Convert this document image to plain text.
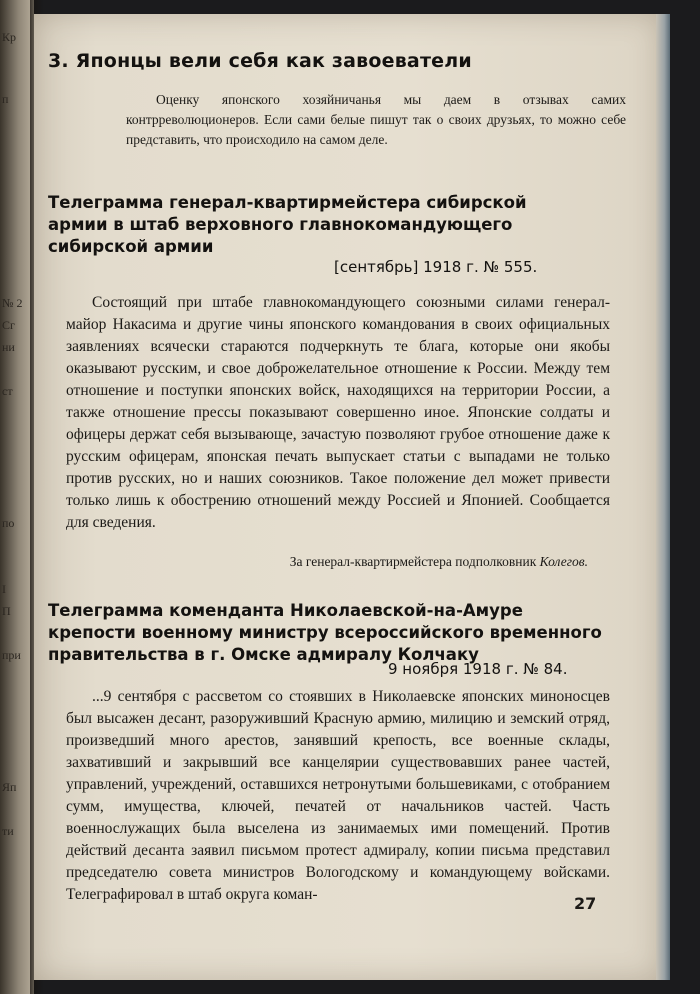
Кр
п
№ 2
Сг
ни
ст
по
П
I
при
Яп
ти
3. Японцы вели себя как завоеватели
Оценку японского хозяйничанья мы даем в отзывах самих контрреволюционеров. Если сами белые пишут так о своих друзьях, то можно себе представить, что происходило на самом деле.
Телеграмма генерал-квартирмейстера сибирской армии в штаб верховного главнокомандующего сибирской армии
[сентябрь] 1918 г. № 555.
Состоящий при штабе главнокомандующего союзными силами генерал-майор Накасима и другие чины японского командования в своих официальных заявлениях всячески стараются подчеркнуть те блага, которые они якобы оказывают русским, и свое доброжелательное отношение к России. Между тем отношение и поступки японских войск, находящихся на территории России, а также отношение прессы показывают совершенно иное. Японские солдаты и офицеры держат себя вызывающе, зачастую позволяют грубое отношение даже к русским офицерам, японская печать выпускает статьи с выпадами не только против русских, но и наших союзников. Такое положение дел может привести только лишь к обострению отношений между Россией и Японией. Сообщается для сведения.
За генерал-квартирмейстера подполковник Колегов.
Телеграмма коменданта Николаевской-на-Амуре крепости военному министру всероссийского временного правительства в г. Омске адмиралу Колчаку
9 ноября 1918 г. № 84.
...9 сентября с рассветом со стоявших в Николаевске японских миноносцев был высажен десант, разоруживший Красную армию, милицию и земский отряд, произведший много арестов, занявший крепость, все военные склады, захвативший и закрывший все канцелярии существовавших ранее частей, управлений, учреждений, оставшихся нетронутыми большевиками, с отобранием сумм, имущества, ключей, печатей от начальников частей. Часть военнослужащих была выселена из занимаемых ими помещений. Против действий десанта заявил письмом протест адмиралу, копии письма представил председателю совета министров Вологодскому и командующему войсками. Телеграфировал в штаб округа коман-	27
